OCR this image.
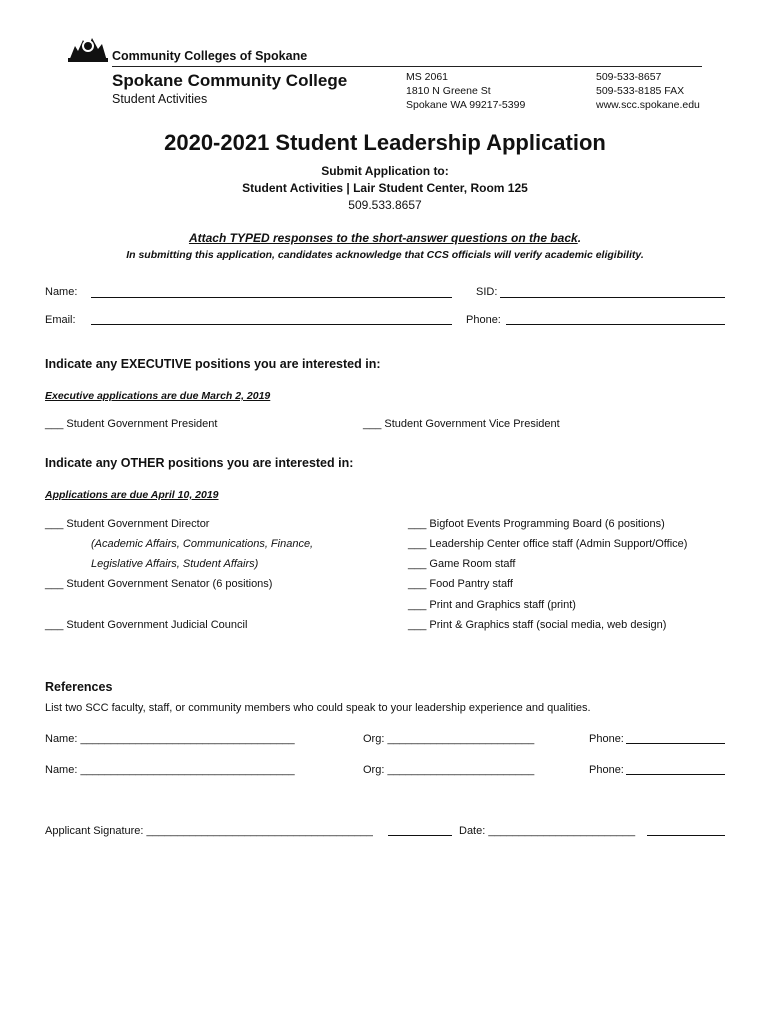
Community Colleges of Spokane
Spokane Community College
Student Activities
MS 2061
1810 N Greene St
Spokane WA 99217-5399
509-533-8657
509-533-8185 FAX
www.scc.spokane.edu
2020-2021 Student Leadership Application
Submit Application to:
Student Activities | Lair Student Center, Room 125
509.533.8657
Attach TYPED responses to the short-answer questions on the back.
In submitting this application, candidates acknowledge that CCS officials will verify academic eligibility.
Name:	SID:
Email:	Phone:
Indicate any EXECUTIVE positions you are interested in:
Executive applications are due March 2, 2019
___ Student Government President	___ Student Government Vice President
Indicate any OTHER positions you are interested in:
Applications are due April 10, 2019
___ Student Government Director
(Academic Affairs, Communications, Finance,
Legislative Affairs, Student Affairs)
___ Student Government Senator (6 positions)
___ Student Government Judicial Council
___ Bigfoot Events Programming Board (6 positions)
___ Leadership Center office staff (Admin Support/Office)
___ Game Room staff
___ Food Pantry staff
___ Print and Graphics staff (print)
___ Print & Graphics staff (social media, web design)
References
List two SCC faculty, staff, or community members who could speak to your leadership experience and qualities.
Name: ___________________________________	Org: ________________________	Phone:
Name: ___________________________________	Org: ________________________	Phone:
Applicant Signature: _____________________________________	Date: ________________________
